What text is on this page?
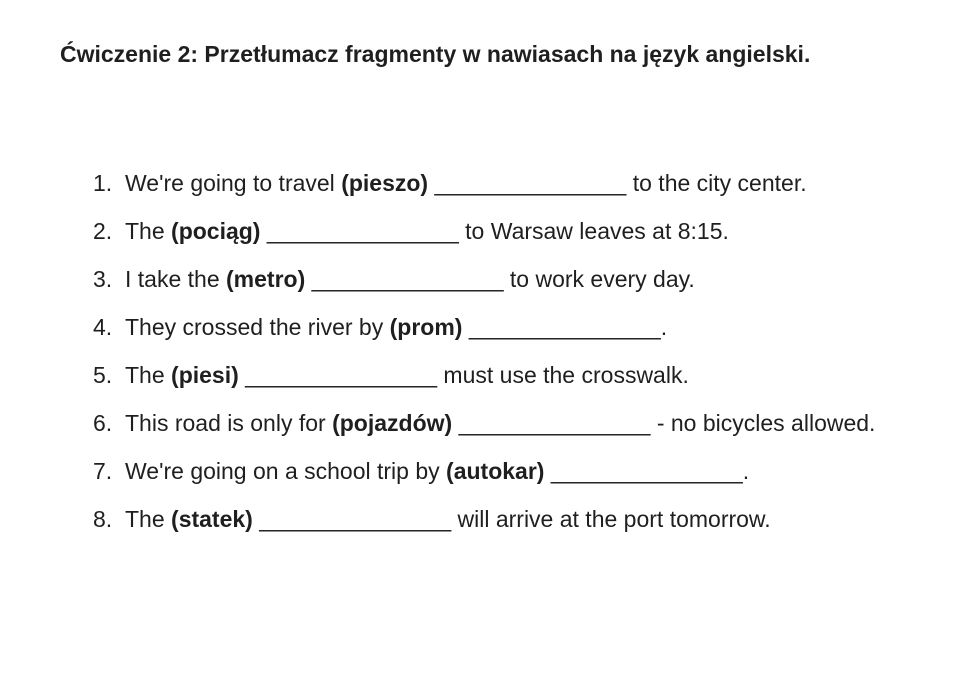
Ćwiczenie 2: Przetłumacz fragmenty w nawiasach na język angielski.
1. We're going to travel (pieszo) _______________ to the city center.
2. The (pociąg) _______________ to Warsaw leaves at 8:15.
3. I take the (metro) _______________ to work every day.
4. They crossed the river by (prom) _______________.
5. The (piesi) _______________ must use the crosswalk.
6. This road is only for (pojazdów) _______________ - no bicycles allowed.
7. We're going on a school trip by (autokar) _______________.
8. The (statek) _______________ will arrive at the port tomorrow.
